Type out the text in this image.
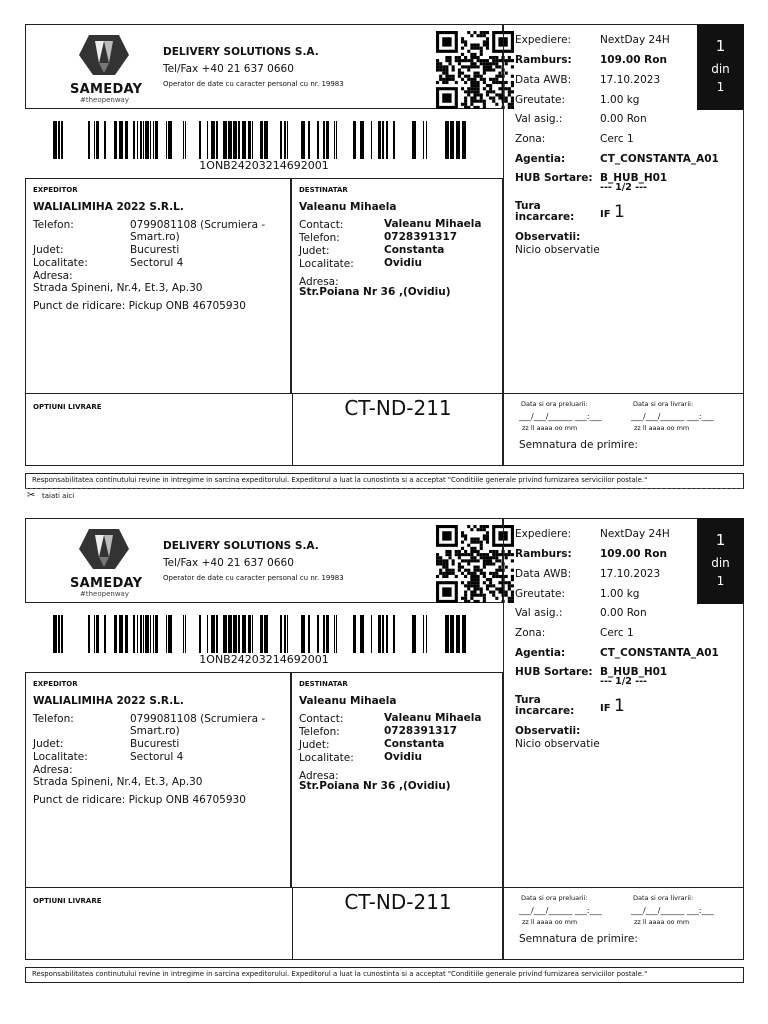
SAMEDAY
#theopenway
DELIVERY SOLUTIONS S.A.
Tel/Fax +40 21 637 0660
Operator de date cu caracter personal cu nr. 19983
1ONB24203214692001
Expediere:	NextDay 24H
Ramburs:	109.00 Ron
Data AWB:	17.10.2023
Greutate:	1.00 kg
Val asig.:	0.00 Ron
Zona:	Cerc 1
Agentia:	CT_CONSTANTA_A01
HUB Sortare: B_HUB_H01
--- 1/2 ---
Tura
incarcare:	IF 1
Observatii:
Nicio observatie
Data si ora preluarii:	Data si ora livrarii:
___/___/______ ___:___	___/___/______ ___:___
zz ll aaaa oo mm	zz ll aaaa oo mm
Semnatura de primire:
1
din
1
EXPEDITOR
WALIALIMIHA 2022 S.R.L.
Telefon:	0799081108 (Scrumiera -
Smart.ro)
Judet:	Bucuresti
Localitate:	Sectorul 4
Adresa:
Strada Spineni, Nr.4, Et.3, Ap.30
Punct de ridicare: Pickup ONB 46705930
DESTINATAR
Valeanu Mihaela
Contact:	Valeanu Mihaela
Telefon:	0728391317
Judet:	Constanta
Localitate:	Ovidiu
Adresa:
Str.Poiana Nr 36 ,(Ovidiu)
OPTIUNI LIVRARE	CT-ND-211
Responsabilitatea continutului revine in intregime in sarcina expeditorului. Expeditorul a luat la cunostinta si a acceptat "Conditiile generale privind furnizarea serviciilor postale."
✂ taiati aici
SAMEDAY
#theopenway
DELIVERY SOLUTIONS S.A.
Tel/Fax +40 21 637 0660
Operator de date cu caracter personal cu nr. 19983
1ONB24203214692001
Expediere:	NextDay 24H
Ramburs:	109.00 Ron
Data AWB:	17.10.2023
Greutate:	1.00 kg
Val asig.:	0.00 Ron
Zona:	Cerc 1
Agentia:	CT_CONSTANTA_A01
HUB Sortare: B_HUB_H01
--- 1/2 ---
Tura
incarcare:	IF 1
Observatii:
Nicio observatie
Data si ora preluarii:	Data si ora livrarii:
___/___/______ ___:___	___/___/______ ___:___
zz ll aaaa oo mm	zz ll aaaa oo mm
Semnatura de primire:
1
din
1
EXPEDITOR
WALIALIMIHA 2022 S.R.L.
Telefon:	0799081108 (Scrumiera -
Smart.ro)
Judet:	Bucuresti
Localitate:	Sectorul 4
Adresa:
Strada Spineni, Nr.4, Et.3, Ap.30
Punct de ridicare: Pickup ONB 46705930
DESTINATAR
Valeanu Mihaela
Contact:	Valeanu Mihaela
Telefon:	0728391317
Judet:	Constanta
Localitate:	Ovidiu
Adresa:
Str.Poiana Nr 36 ,(Ovidiu)
OPTIUNI LIVRARE	CT-ND-211
Responsabilitatea continutului revine in intregime in sarcina expeditorului. Expeditorul a luat la cunostinta si a acceptat "Conditiile generale privind furnizarea serviciilor postale."
